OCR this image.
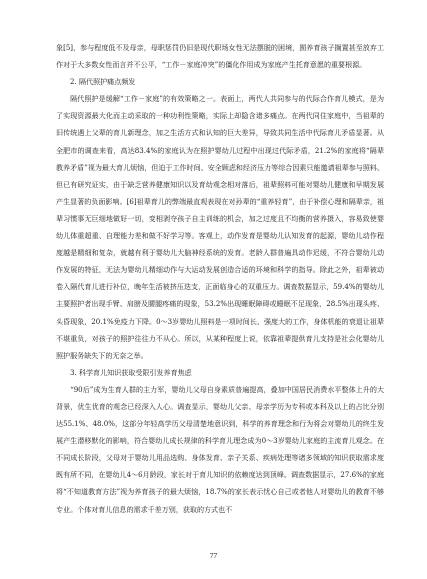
象[5]，参与程度低不及母亲，母职惩罚仍旧是现代职场女性无法摆脱的困境，囿养育孩子搁置甚至放弃工作对于大多数女性而言并不公平，“工作－家庭冲突”的僵化作用成为家庭产生托育意愿的重要根源。

2. 隔代照护痛点频发

隔代照护是缓解“工作－家庭”的有效策略之一。表面上，两代人共同参与的代际合作育儿模式，是为了实现资源最大化而主动采取的一种功利性策略，实际上却隐含诸多痛点。在两代同住家庭中，当祖辈的旧传统遇上父辈的育儿新理念，加之生活方式和认知的巨大差异，导致共同生活中代际育儿矛盾显著。从全肥市的调查来看，高达83.4%的家庭认为在照护婴幼儿过程中出现过代际矛盾，21.2%的家庭将“隔辈教养矛盾”视为最大育儿烦恼，但迫于工作时间、安全顾虑和经济压力等综合因素只能邀请祖辈参与照料。但已有研究证实，由于缺乏营养健康知识以及育幼观念相对落后，祖辈照料可能对婴幼儿健康和早期发展产生显著的负面影响。[6]祖辈育儿的弊端最直观表现在对孙辈的“重养轻育”，由于补偿心理和隔辈亲，祖辈习惯事无巨细地做好一切，变相剥夺孩子自主训练的机会，加之过度且不均衡的营养摄入，容易致使婴幼儿体重超重、自理能力差和做不好学习等。客观上，动作发育是婴幼儿认知发育的起源，婴幼儿动作程度越是精细和复杂，就越有利于婴幼儿大脑神经系统的发育。老龄人群普遍具动作迟缓，不符合婴幼儿动作发展的特征，无法为婴幼儿精细动作与大运动发展创造合适的环境和科学的指导。除此之外，祖辈被动卷入隔代育儿进行补位，晚年生活被挤压迭支，正面临身心的双重压力。调查数据显示，59.4%的婴幼儿主要照护者出现手臂、肩膀及腰腿疼痛的现象，53.2%出现睡眠障碍或睡眠不足现象，28.5%出现头疼、头昏现象，20.1%免疫力下降。0～3岁婴幼儿照料是一项时间长、强度大的工作，身体机能的衰退让祖辈不堪重负，对孩子的照护往往力不从心。所以，从某种程度上说，依靠祖辈提供育儿支持是社会化婴幼儿照护服务缺失下的无奈之举。

3. 科学育儿知识获取受限引发养育焦虑

“90后”成为生育人群的主力军，婴幼儿父母自身素质普遍提高，叠加中国居民消费水平整体上升的大背景，优生优育的观念已经深入人心。调查显示，婴幼儿父亲、母亲学历为专科或本科及以上的占比分别达55.1%、48.0%，这部分年轻高学历父母清楚地意识到，科学的养育理念和行为将会对婴幼儿的终生发展产生潜移默化的影响，符合婴幼儿成长规律的科学育儿理念成为0～3岁婴幼儿家庭的主流育儿观念。在不同成长阶段，父母对于婴幼儿用品选购、身体发育、亲子关系、疾病处理等诸多领域的知识获取需求度既有所不同，在婴幼儿4～6月龄段，家长对于育儿知识的依赖度达到顶峰。调查数据显示，27.6%的家庭将“不知道教育方法”视为养育孩子的最大烦恼，18.7%的家长表示忧心自己或者他人对婴幼儿的教育不够专业。个体对育儿信息的需求千差万别，获取的方式也不

77
